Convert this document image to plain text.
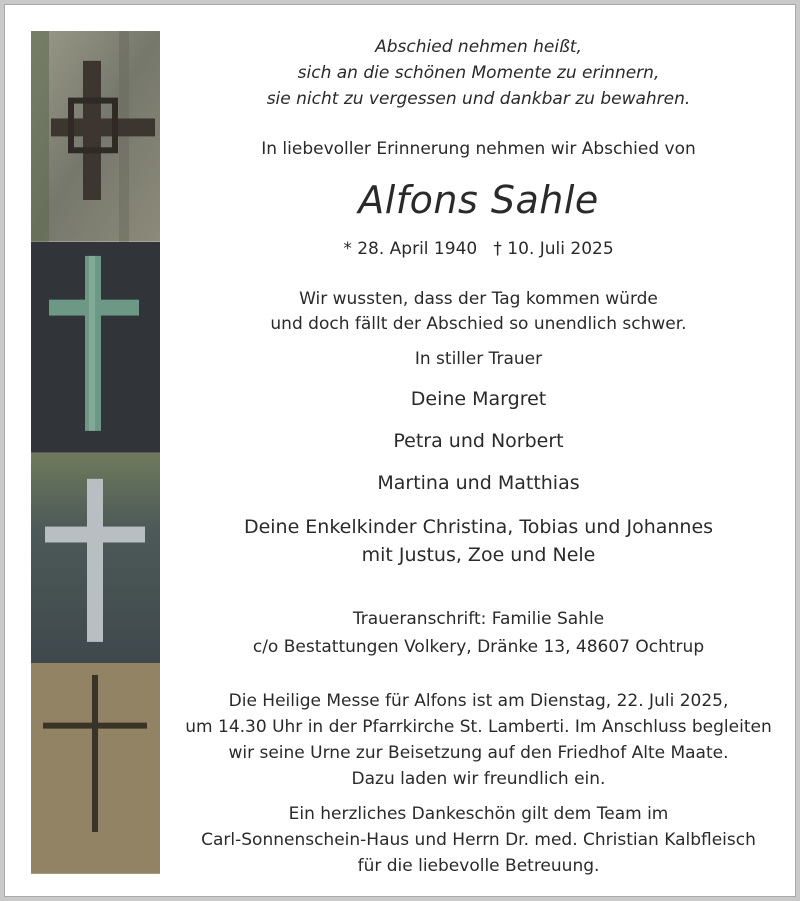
Abschied nehmen heißt,
sich an die schönen Momente zu erinnern,
sie nicht zu vergessen und dankbar zu bewahren.
In liebevoller Erinnerung nehmen wir Abschied von
Alfons Sahle
* 28. April 1940   † 10. Juli 2025
Wir wussten, dass der Tag kommen würde
und doch fällt der Abschied so unendlich schwer.
In stiller Trauer
Deine Margret
Petra und Norbert
Martina und Matthias
Deine Enkelkinder Christina, Tobias und Johannes
mit Justus, Zoe und Nele
Traueranschrift: Familie Sahle
c/o Bestattungen Volkery, Dränke 13, 48607 Ochtrup
Die Heilige Messe für Alfons ist am Dienstag, 22. Juli 2025,
um 14.30 Uhr in der Pfarrkirche St. Lamberti. Im Anschluss begleiten
wir seine Urne zur Beisetzung auf den Friedhof Alte Maate.
Dazu laden wir freundlich ein.
Ein herzliches Dankeschön gilt dem Team im
Carl-Sonnenschein-Haus und Herrn Dr. med. Christian Kalbfleisch
für die liebevolle Betreuung.
